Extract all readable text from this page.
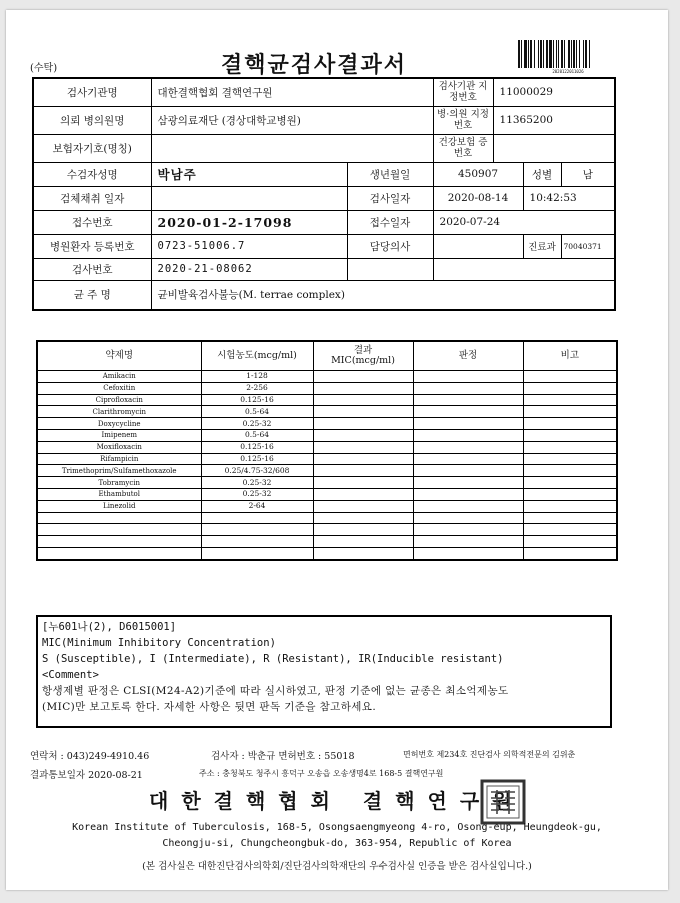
(수탁)	결핵균검사결과서	2020122011026
검사기관명	대한결핵협회 결핵연구원		검사기관 지정번호	11000029		
의뢰 병의원명	삼광의료재단 (경상대학교병원)		병·의원 지정번호	11365200		
보험자기호(명칭)			건강보험 증번호			
수검자성명	박남주	생년월일	450907		성별	남
검체채취 일자		검사일자	2020-08-14		10:42:53	
접수번호	2020-01-2-17098	접수일자	2020-07-24			
병원환자 등록번호	0723-51006.7	담당의사			진료과	70040371
검사번호	2020-21-08062					
균 주 명	균비발육검사불능(M. terrae complex)					
약제명	시험농도(mcg/ml)	결과 MIC(mcg/ml)	판정	비고
Amikacin	1-128			
Cefoxitin	2-256			
Ciprofloxacin	0.125-16			
Clarithromycin	0.5-64			
Doxycycline	0.25-32			
Imipenem	0.5-64			
Moxifloxacin	0.125-16			
Rifampicin	0.125-16			
Trimethoprim/Sulfamethoxazole	0.25/4.75-32/608			
Tobramycin	0.25-32			
Ethambutol	0.25-32			
Linezolid	2-64			

[누601나(2), D6015001]
MIC(Minimum Inhibitory Concentration)
S (Susceptible), I (Intermediate), R (Resistant), IR(Inducible resistant)
<Comment>
항생제별 판정은 CLSI(M24-A2)기준에 따라 실시하였고, 판정 기준에 없는 균종은 최소억제농도
(MIC)만 보고토록 한다. 자세한 사항은 뒷면 판독 기준을 참고하세요.
연락처 : 043)249-4910.46	검사자 : 박춘규 면허번호 : 55018	면허번호 제234호 진단검사 의학적전문의 김위춘
결과통보일자 2020-08-21	주소 : 충청북도 청주시 흥덕구 오송읍 오송생명4로 168-5 결핵연구원
대한결핵협회 결핵연구원
Korean Institute of Tuberculosis, 168-5, Osongsaengmyeong 4-ro, Osong-eup, Heungdeok-gu,
Cheongju-si, Chungcheongbuk-do, 363-954, Republic of Korea
(본 검사실은 대한진단검사의학회/진단검사의학재단의 우수검사실 인증을 받은 검사실입니다.)
